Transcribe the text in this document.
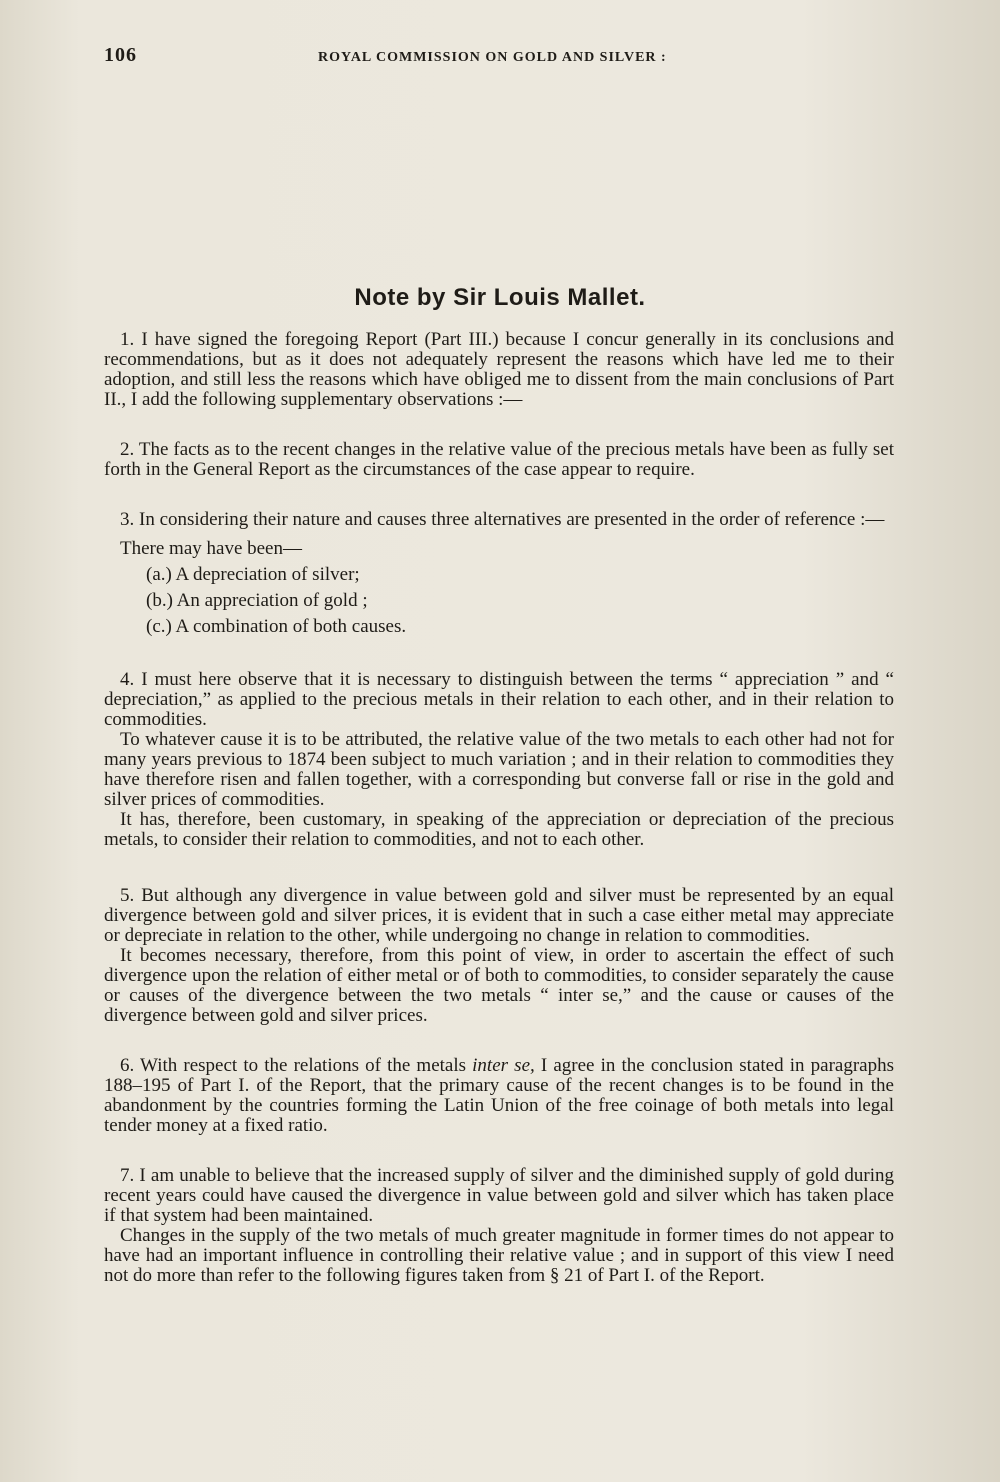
106	ROYAL COMMISSION ON GOLD AND SILVER :
Note by Sir Louis Mallet.

1. I have signed the foregoing Report (Part III.) because I concur generally in its conclusions and recommendations, but as it does not adequately represent the reasons which have led me to their adoption, and still less the reasons which have obliged me to dissent from the main conclusions of Part II., I add the following supplementary observations :—

2. The facts as to the recent changes in the relative value of the precious metals have been as fully set forth in the General Report as the circumstances of the case appear to require.

3. In considering their nature and causes three alternatives are presented in the order of reference :—

There may have been—

(a.) A depreciation of silver;

(b.) An appreciation of gold ;

(c.) A combination of both causes.

4. I must here observe that it is necessary to distinguish between the terms “ appreciation ” and “ depreciation,” as applied to the precious metals in their relation to each other, and in their relation to commodities.

To whatever cause it is to be attributed, the relative value of the two metals to each other had not for many years previous to 1874 been subject to much variation ; and in their relation to commodities they have therefore risen and fallen together, with a corresponding but converse fall or rise in the gold and silver prices of commodities.

It has, therefore, been customary, in speaking of the appreciation or depreciation of the precious metals, to consider their relation to commodities, and not to each other.

5. But although any divergence in value between gold and silver must be represented by an equal divergence between gold and silver prices, it is evident that in such a case either metal may appreciate or depreciate in relation to the other, while undergoing no change in relation to commodities.

It becomes necessary, therefore, from this point of view, in order to ascertain the effect of such divergence upon the relation of either metal or of both to commodities, to consider separately the cause or causes of the divergence between the two metals “ inter se,” and the cause or causes of the divergence between gold and silver prices.

6. With respect to the relations of the metals inter se, I agree in the conclusion stated in paragraphs 188–195 of Part I. of the Report, that the primary cause of the recent changes is to be found in the abandonment by the countries forming the Latin Union of the free coinage of both metals into legal tender money at a fixed ratio.

7. I am unable to believe that the increased supply of silver and the diminished supply of gold during recent years could have caused the divergence in value between gold and silver which has taken place if that system had been maintained.

Changes in the supply of the two metals of much greater magnitude in former times do not appear to have had an important influence in controlling their relative value ; and in support of this view I need not do more than refer to the following figures taken from § 21 of Part I. of the Report.
